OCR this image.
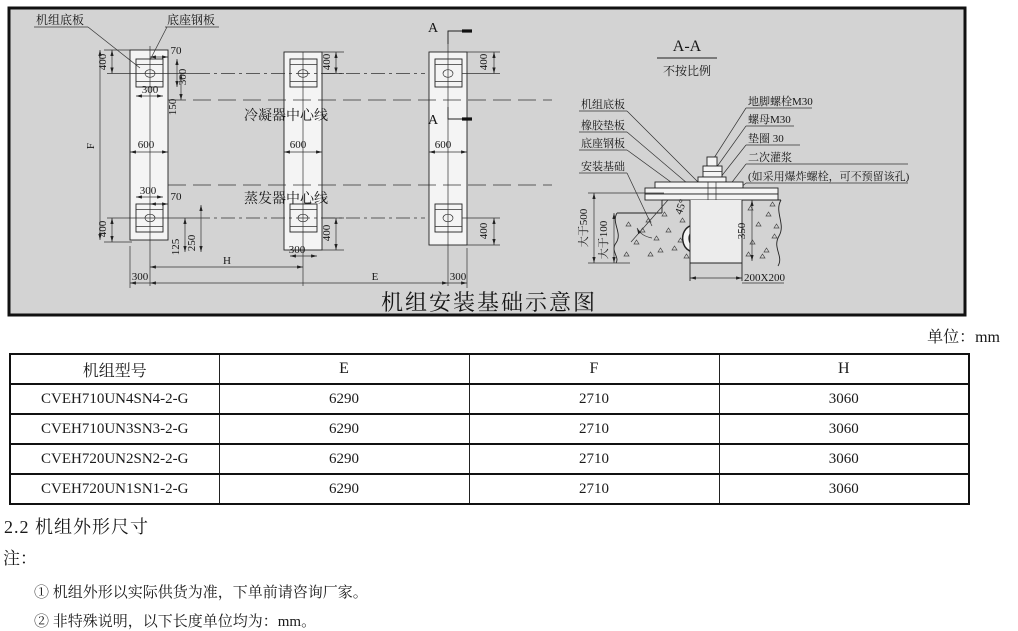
冷凝器中心线
蒸发器中心线
机组底板	底座钢板
A
A
70
400
300
300
150
600
F
400
300 70
125 250
H
300	E	300
400
600
400
300
400
600
400
A-A
不按比例
机组底板
橡胶垫板
底座钢板
安装基础
地脚螺栓M30
螺母M30
垫圈 30
二次灌浆
(如采用爆炸螺栓，可不预留该孔)
45°
大于500 大于100	350
200X200
机组安装基础示意图
单位：mm
机组型号	E	F	H
CVEH710UN4SN4-2-G	6290	2710	3060
CVEH710UN3SN3-2-G	6290	2710	3060
CVEH720UN2SN2-2-G	6290	2710	3060
CVEH720UN1SN1-2-G	6290	2710	3060
2.2 机组外形尺寸
注：
① 机组外形以实际供货为准，下单前请咨询厂家。
② 非特殊说明，以下长度单位均为：mm。
